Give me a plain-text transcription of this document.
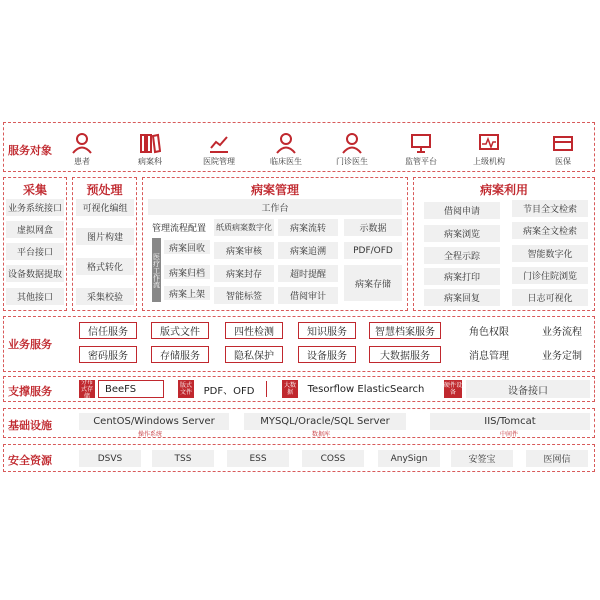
服务对象
患者	病案科	医院管理	临床医生	门诊医生	监管平台	上级机构	医保
采集
业务系统接口
虚拟网盒
平台接口
设备数据提取
其他接口
预处理
可视化编组
图片构建
格式转化
采集校验
病案管理
工作台
医疗工作流
管理流程配置	纸质病案数字化	病案流转	示数据
病案回收	病案审核	病案追溯	PDF/OFD
病案归档	病案封存	超时提醒
病案存储
病案上架	智能标签	借阅审计
病案利用
借阅申请	节目全文检索
病案浏览	病案全文检索
全程示踪	智能数字化
病案打印	门诊住院浏览
病案回复	日志可视化
业务服务
信任服务	版式文件	四性检测	知识服务	智慧档案服务	角色权限	业务流程
密码服务	存储服务	隐私保护	设备服务	大数据服务	消息管理	业务定制
支撑服务
分布式存储
BeeFS	版式文件	PDF、OFD	大数据	Tesorflow ElasticSearch	硬件设备	设备接口
基础设施	CentOS/Windows Server
操作系统
MYSQL/Oracle/SQL Server
数据库
IIS/Tomcat
中间件
安全资源	DSVS	TSS	ESS	COSS	AnySign	安签宝	医网信
